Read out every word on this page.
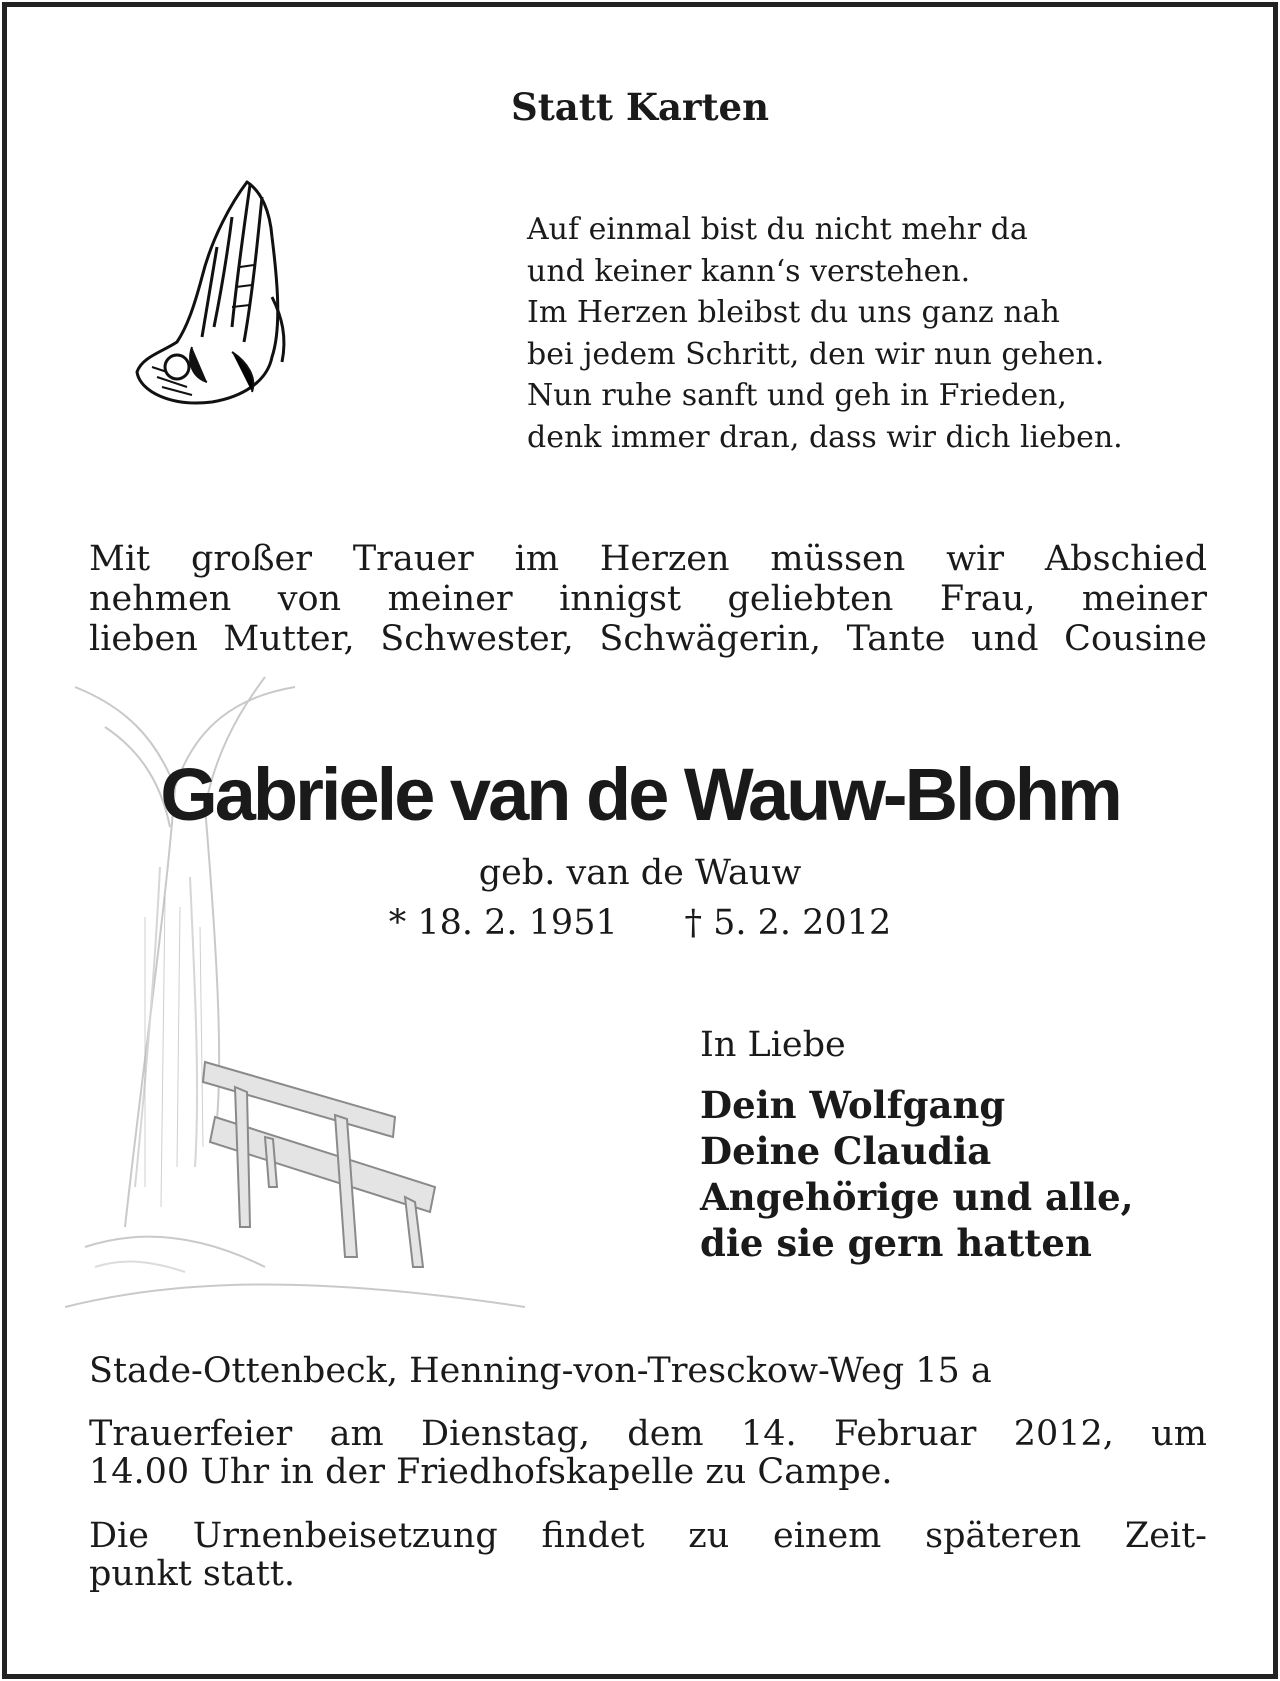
Statt Karten
Auf einmal bist du nicht mehr da
und keiner kann‘s verstehen.
Im Herzen bleibst du uns ganz nah
bei jedem Schritt, den wir nun gehen.
Nun ruhe sanft und geh in Frieden,
denk immer dran, dass wir dich lieben.
Mit großer Trauer im Herzen müssen wir Abschied
nehmen von meiner innigst geliebten Frau, meiner
lieben Mutter, Schwester, Schwägerin, Tante und Cousine
Gabriele van de Wauw-Blohm
geb. van de Wauw
* 18. 2. 1951 † 5. 2. 2012
In Liebe
Dein Wolfgang
Deine Claudia
Angehörige und alle,
die sie gern hatten
Stade-Ottenbeck, Henning-von-Tresckow-Weg 15 a
Trauerfeier am Dienstag, dem 14. Februar 2012, um
14.00 Uhr in der Friedhofskapelle zu Campe.
Die Urnenbeisetzung findet zu einem späteren Zeit-
punkt statt.
